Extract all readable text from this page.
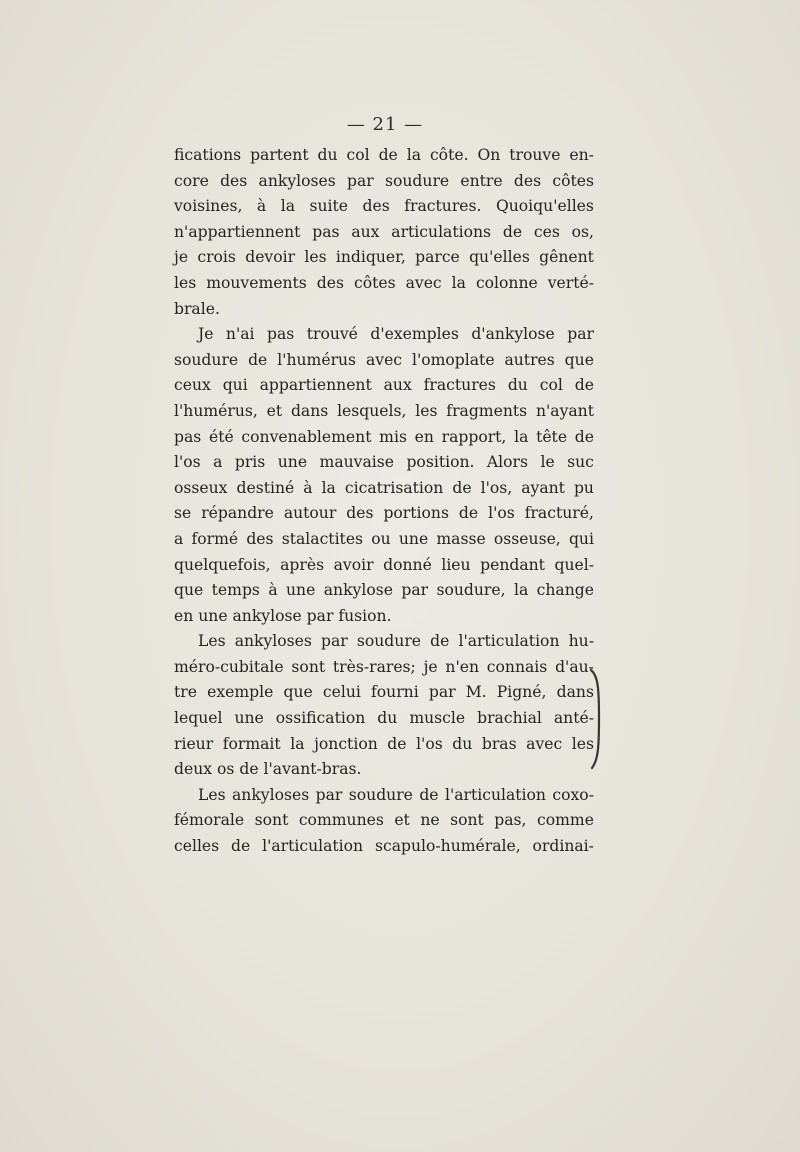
— 21 —
fications partent du col de la côte. On trouve en-
core des ankyloses par soudure entre des côtes
voisines, à la suite des fractures. Quoiqu'elles
n'appartiennent pas aux articulations de ces os,
je crois devoir les indiquer, parce qu'elles gênent
les mouvements des côtes avec la colonne verté-
brale.
Je n'ai pas trouvé d'exemples d'ankylose par
soudure de l'humérus avec l'omoplate autres que
ceux qui appartiennent aux fractures du col de
l'humérus, et dans lesquels, les fragments n'ayant
pas été convenablement mis en rapport, la tête de
l'os a pris une mauvaise position. Alors le suc
osseux destiné à la cicatrisation de l'os, ayant pu
se répandre autour des portions de l'os fracturé,
a formé des stalactites ou une masse osseuse, qui
quelquefois, après avoir donné lieu pendant quel-
que temps à une ankylose par soudure, la change
en une ankylose par fusion.
Les ankyloses par soudure de l'articulation hu-
méro-cubitale sont très-rares; je n'en connais d'au-
tre exemple que celui fourni par M. Pigné, dans
lequel une ossification du muscle brachial anté-
rieur formait la jonction de l'os du bras avec les
deux os de l'avant-bras.
Les ankyloses par soudure de l'articulation coxo-
fémorale sont communes et ne sont pas, comme
celles de l'articulation scapulo-humérale, ordinai-
